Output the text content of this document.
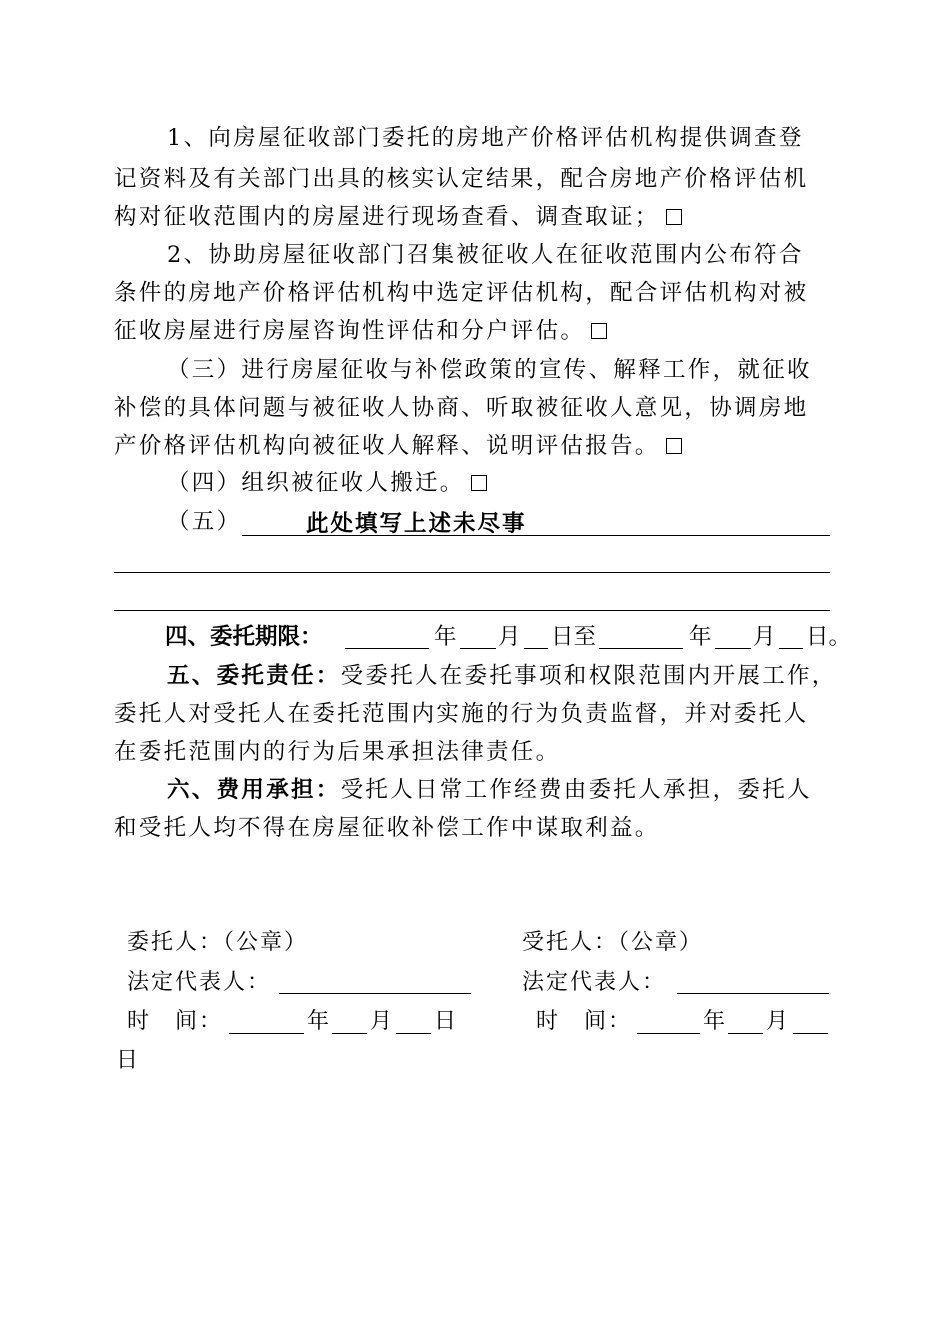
1、向房屋征收部门委托的房地产价格评估机构提供调查登
记资料及有关部门出具的核实认定结果，配合房地产价格评估机
构对征收范围内的房屋进行现场查看、调查取证；
2、协助房屋征收部门召集被征收人在征收范围内公布符合
条件的房地产价格评估机构中选定评估机构，配合评估机构对被
征收房屋进行房屋咨询性评估和分户评估。
（三）进行房屋征收与补偿政策的宣传、解释工作，就征收
补偿的具体问题与被征收人协商、听取被征收人意见，协调房地
产价格评估机构向被征收人解释、说明评估报告。
（四）组织被征收人搬迁。
（五）	此处填写上述未尽事
四、委托期限：	年 月 日至	年 月 日。
五、委托责任：受委托人在委托事项和权限范围内开展工作，
委托人对受托人在委托范围内实施的行为负责监督，并对委托人
在委托范围内的行为后果承担法律责任。
六、费用承担：受托人日常工作经费由委托人承担，委托人
和受托人均不得在房屋征收补偿工作中谋取利益。
委托人：（公章）
法定代表人：
时　间：	年 月 日
受托人：（公章）
法定代表人：
时　间：	年 月
日
